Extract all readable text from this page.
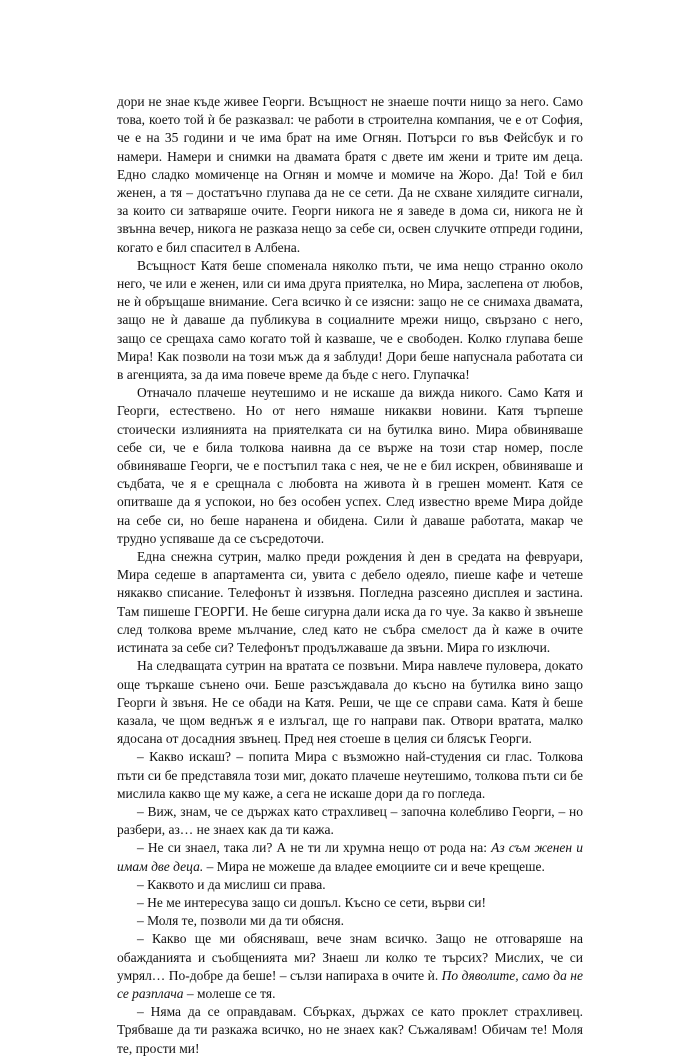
дори не знае къде живее Георги. Всъщност не знаеше почти нищо за него. Само това, което той ѝ бе разказвал: че работи в строителна компания, че е от София, че е на 35 години и че има брат на име Огнян. Потърси го във Фейсбук и го намери. Намери и снимки на двамата братя с двете им жени и трите им деца. Едно сладко момиченце на Огнян и момче и момиче на Жоро. Да! Той е бил женен, а тя – достатъчно глупава да не се сети. Да не схване хилядите сигнали, за които си затваряше очите. Георги никога не я заведе в дома си, никога не ѝ звънна вечер, никога не разказа нещо за себе си, освен случките отпреди години, когато е бил спасител в Албена.

Всъщност Катя беше споменала няколко пъти, че има нещо странно около него, че или е женен, или си има друга приятелка, но Мира, заслепена от любов, не ѝ обръщаше внимание. Сега всичко ѝ се изясни: защо не се снимаха двамата, защо не ѝ даваше да публикува в социалните мрежи нищо, свързано с него, защо се срещаха само когато той ѝ казваше, че е свободен. Колко глупава беше Мира! Как позволи на този мъж да я заблуди! Дори беше напуснала работата си в агенцията, за да има повече време да бъде с него. Глупачка!

Отначало плачеше неутешимо и не искаше да вижда никого. Само Катя и Георги, естествено. Но от него нямаше никакви новини. Катя търпеше стоически излиянията на приятелката си на бутилка вино. Мира обвиняваше себе си, че е била толкова наивна да се върже на този стар номер, после обвиняваше Георги, че е постъпил така с нея, че не е бил искрен, обвиняваше и съдбата, че я е срещнала с любовта на живота ѝ в грешен момент. Катя се опитваше да я успокои, но без особен успех. След известно време Мира дойде на себе си, но беше наранена и обидена. Сили ѝ даваше работата, макар че трудно успяваше да се съсредоточи.

Една снежна сутрин, малко преди рождения ѝ ден в средата на февруари, Мира седеше в апартамента си, увита с дебело одеяло, пиеше кафе и четеше някакво списание. Телефонът ѝ иззвъня. Погледна разсеяно дисплея и застина. Там пишеше ГЕОРГИ. Не беше сигурна дали иска да го чуе. За какво ѝ звънеше след толкова време мълчание, след като не събра смелост да ѝ каже в очите истината за себе си? Телефонът продължаваше да звъни. Мира го изключи.

На следващата сутрин на вратата се позвъни. Мира навлече пуловера, докато още търкаше сънено очи. Беше разсъждавала до късно на бутилка вино защо Георги ѝ звъня. Не се обади на Катя. Реши, че ще се справи сама. Катя ѝ беше казала, че щом веднъж я е излъгал, ще го направи пак. Отвори вратата, малко ядосана от досадния звънец. Пред нея стоеше в целия си блясък Георги.

– Какво искаш? – попита Мира с възможно най-студения си глас. Толкова пъти си бе представяла този миг, докато плачеше неутешимо, толкова пъти си бе мислила какво ще му каже, а сега не искаше дори да го погледа.

– Виж, знам, че се държах като страхливец – започна колебливо Георги, – но разбери, аз… не знаех как да ти кажа.

– Не си знаел, така ли? А не ти ли хрумна нещо от рода на: Аз съм женен и имам две деца. – Мира не можеше да владее емоциите си и вече крещеше.

– Каквото и да мислиш си права.

– Не ме интересува защо си дошъл. Късно се сети, върви си!

– Моля те, позволи ми да ти обясня.

– Какво ще ми обясняваш, вече знам всичко. Защо не отговаряше на обажданията и съобщенията ми? Знаеш ли колко те търсих? Мислих, че си умрял… По-добре да беше! – сълзи напираха в очите ѝ. По дяволите, само да не се разплача – молеше се тя.

– Няма да се оправдавам. Сбърках, държах се като проклет страхливец. Трябваше да ти разкажа всичко, но не знаех как? Съжалявам! Обичам те! Моля те, прости ми!
